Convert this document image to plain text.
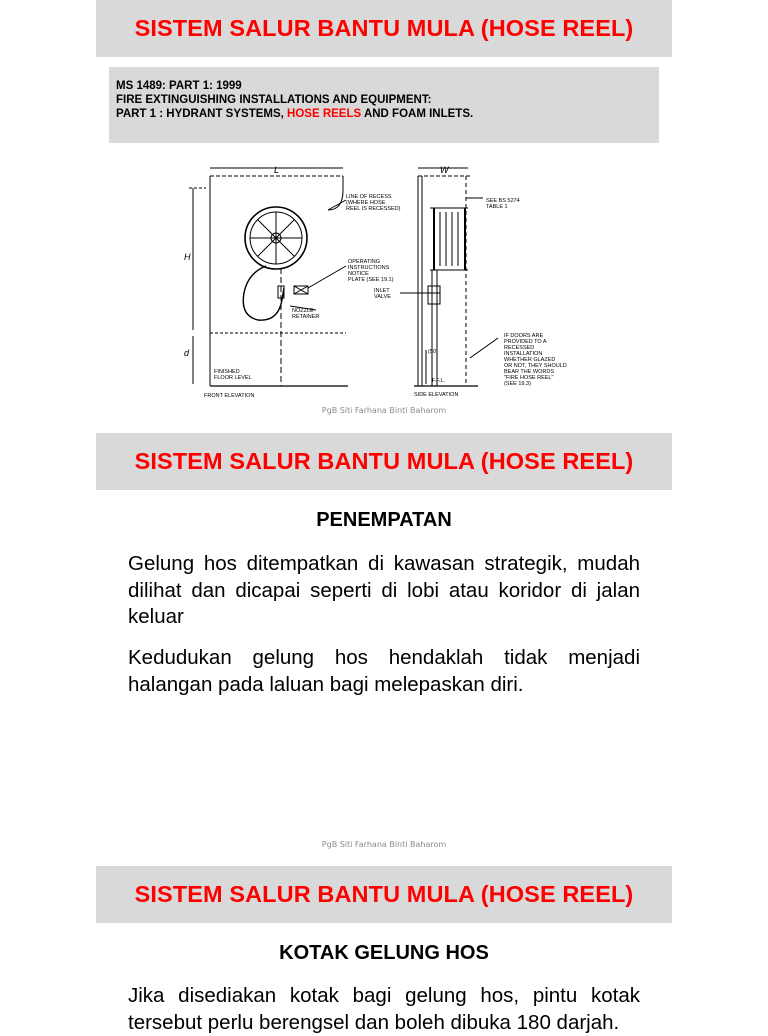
SISTEM SALUR BANTU MULA (HOSE REEL)
MS 1489: PART 1: 1999
FIRE EXTINGUISHING INSTALLATIONS AND EQUIPMENT:
PART 1 : HYDRANT SYSTEMS, HOSE REELS AND FOAM INLETS.
L	W
H
d
LINE OF RECESS
(WHERE HOSE
REEL IS RECESSED)
OPERATING
INSTRUCTIONS
NOTICE
PLATE (SEE 19.1)
INLET
VALVE
NOZZLE
RETAINER
FINISHED
FLOOR LEVEL
FRONT ELEVATION
SEE BS 5274
TABLE 1
IF DOORS ARE
PROVIDED TO A
RECESSED
INSTALLATION
WHETHER GLAZED
OR NOT, THEY SHOULD
BEAR THE WORDS
"FIRE HOSE REEL"
(SEE 19.3)
(50)
F.F.L.
SIDE ELEVATION
PgB Siti Farhana Binti Baharom
SISTEM SALUR BANTU MULA (HOSE REEL)
PENEMPATAN

Gelung hos ditempatkan di kawasan strategik, mudah dilihat dan dicapai seperti di lobi atau koridor di jalan keluar

Kedudukan gelung hos hendaklah tidak menjadi halangan pada laluan bagi melepaskan diri.

PgB Siti Farhana Binti Baharom
SISTEM SALUR BANTU MULA (HOSE REEL)
KOTAK GELUNG HOS

Jika disediakan kotak bagi gelung hos, pintu kotak tersebut perlu berengsel dan boleh dibuka 180 darjah.
